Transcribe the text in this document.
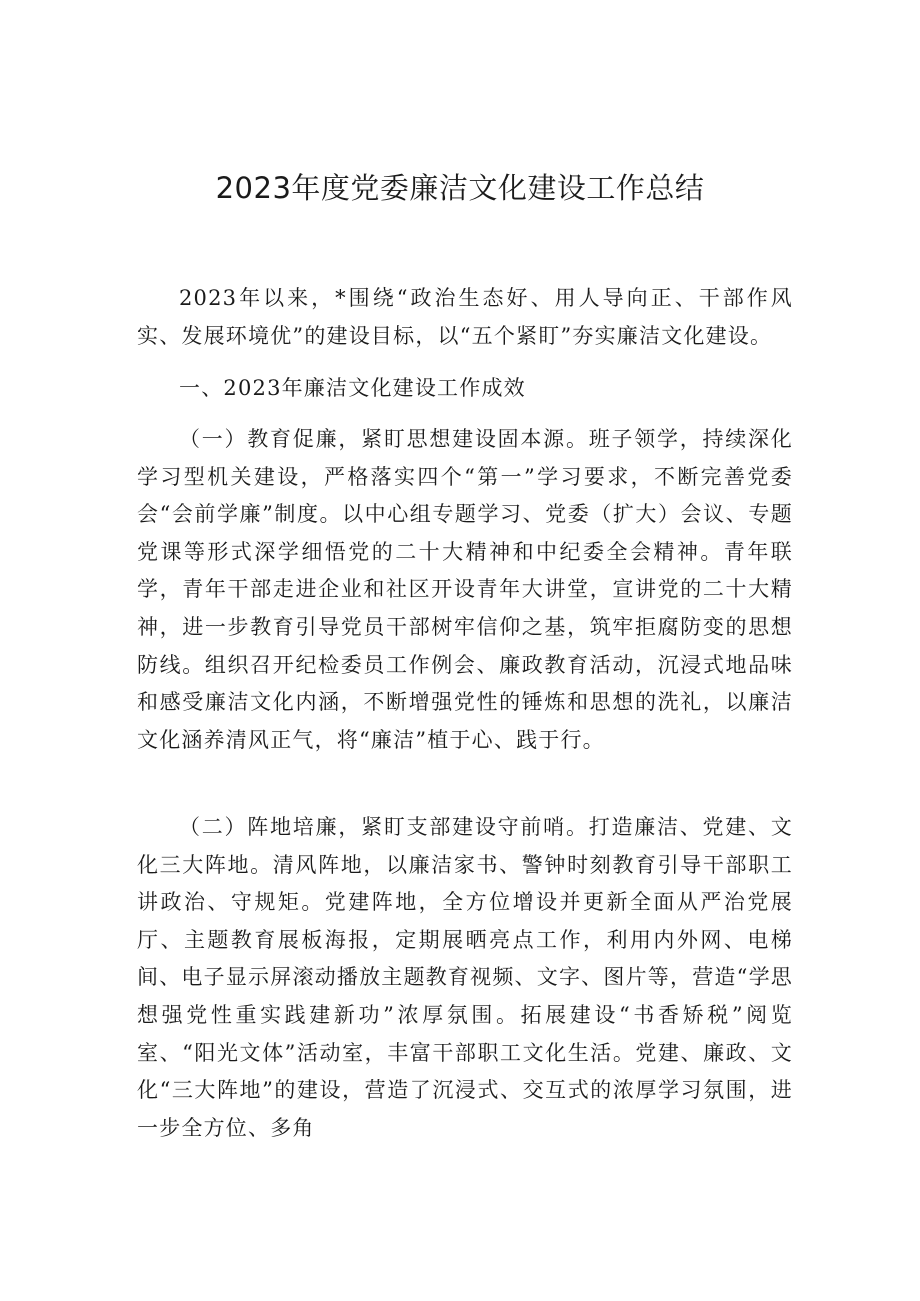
2023年度党委廉洁文化建设工作总结

2023年以来，*围绕“政治生态好、用人导向正、干部作风实、发展环境优”的建设目标，以“五个紧盯”夯实廉洁文化建设。

一、2023年廉洁文化建设工作成效

（一）教育促廉，紧盯思想建设固本源。班子领学，持续深化学习型机关建设，严格落实四个“第一”学习要求，不断完善党委会“会前学廉”制度。以中心组专题学习、党委（扩大）会议、专题党课等形式深学细悟党的二十大精神和中纪委全会精神。青年联学，青年干部走进企业和社区开设青年大讲堂，宣讲党的二十大精神，进一步教育引导党员干部树牢信仰之基，筑牢拒腐防变的思想防线。组织召开纪检委员工作例会、廉政教育活动，沉浸式地品味和感受廉洁文化内涵，不断增强党性的锤炼和思想的洗礼，以廉洁文化涵养清风正气，将“廉洁”植于心、践于行。

（二）阵地培廉，紧盯支部建设守前哨。打造廉洁、党建、文化三大阵地。清风阵地，以廉洁家书、警钟时刻教育引导干部职工讲政治、守规矩。党建阵地，全方位增设并更新全面从严治党展厅、主题教育展板海报，定期展晒亮点工作，利用内外网、电梯间、电子显示屏滚动播放主题教育视频、文字、图片等，营造“学思想强党性重实践建新功”浓厚氛围。拓展建设“书香矫税”阅览室、“阳光文体”活动室，丰富干部职工文化生活。党建、廉政、文化“三大阵地”的建设，营造了沉浸式、交互式的浓厚学习氛围，进一步全方位、多角
